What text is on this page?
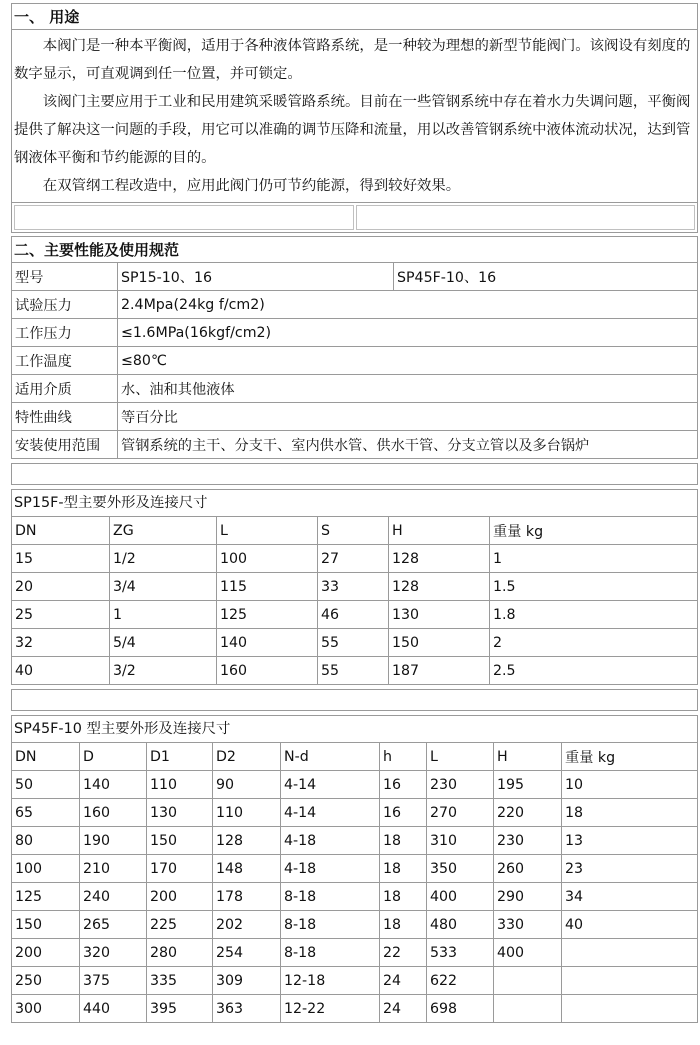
一、 用途

本阀门是一种本平衡阀，适用于各种液体管路系统，是一种较为理想的新型节能阀门。该阀设有刻度的数字显示，可直观调到任一位置，并可锁定。

该阀门主要应用于工业和民用建筑采暖管路系统。目前在一些管钢系统中存在着水力失调问题，平衡阀提供了解决这一问题的手段，用它可以准确的调节压降和流量，用以改善管钢系统中液体流动状况，达到管钢液体平衡和节约能源的目的。

在双管纲工程改造中，应用此阀门仍可节约能源，得到较好效果。

二、主要性能及使用规范
型号	SP15-10、16	SP45F-10、16
试验压力	2.4Mpa(24kg f/cm2)	
工作压力	≤1.6MPa(16kgf/cm2)	
工作温度	≤80℃	
适用介质	水、油和其他液体	
特性曲线	等百分比	
安装使用范围	管钢系统的主干、分支干、室内供水管、供水干管、分支立管以及多台锅炉	
SP15F-型主要外形及连接尺寸
DN	ZG	L	S	H	重量 kg
15	1/2	100	27	128	1
20	3/4	115	33	128	1.5
25	1	125	46	130	1.8
32	5/4	140	55	150	2
40	3/2	160	55	187	2.5
SP45F-10 型主要外形及连接尺寸
DN	D	D1	D2	N-d	h	L	H	重量 kg
50	140	110	90	4-14	16	230	195	10
65	160	130	110	4-14	16	270	220	18
80	190	150	128	4-18	18	310	230	13
100	210	170	148	4-18	18	350	260	23
125	240	200	178	8-18	18	400	290	34
150	265	225	202	8-18	18	480	330	40
200	320	280	254	8-18	22	533	400	
250	375	335	309	12-18	24	622		
300	440	395	363	12-22	24	698		
